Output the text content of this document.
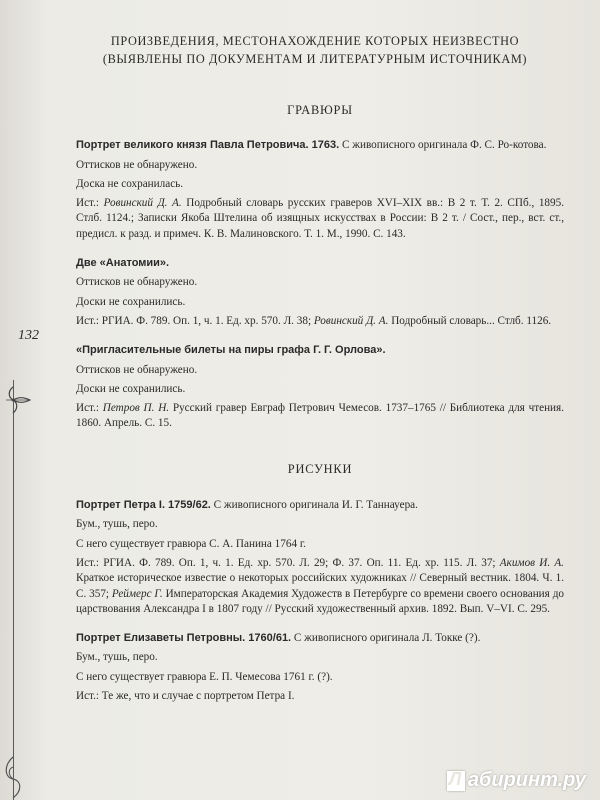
132
ПРОИЗВЕДЕНИЯ, МЕСТОНАХОЖДЕНИЕ КОТОРЫХ НЕИЗВЕСТНО
(ВЫЯВЛЕНЫ ПО ДОКУМЕНТАМ И ЛИТЕРАТУРНЫМ ИСТОЧНИКАМ)
ГРАВЮРЫ

Портрет великого князя Павла Петровича. 1763. С живописного оригинала Ф. С. Ро-котова.

Оттисков не обнаружено.

Доска не сохранилась.

Ист.: Ровинский Д. А. Подробный словарь русских граверов XVI–XIX вв.: В 2 т. Т. 2. СПб., 1895. Стлб. 1124.; Записки Якоба Штелина об изящных искусствах в России: В 2 т. / Сост., пер., вст. ст., предисл. к разд. и примеч. К. В. Малиновского. Т. 1. М., 1990. С. 143.

Две «Анатомии».

Оттисков не обнаружено.

Доски не сохранились.

Ист.: РГИА. Ф. 789. Оп. 1, ч. 1. Ед. хр. 570. Л. 38; Ровинский Д. А. Подробный словарь... Стлб. 1126.

«Пригласительные билеты на пиры графа Г. Г. Орлова».

Оттисков не обнаружено.

Доски не сохранились.

Ист.: Петров П. Н. Русский гравер Евграф Петрович Чемесов. 1737–1765 // Библиотека для чтения. 1860. Апрель. С. 15.

РИСУНКИ

Портрет Петра I. 1759/62. С живописного оригинала И. Г. Таннауера.

Бум., тушь, перо.

С него существует гравюра С. А. Панина 1764 г.

Ист.: РГИА. Ф. 789. Оп. 1, ч. 1. Ед. хр. 570. Л. 29; Ф. 37. Оп. 11. Ед. хр. 115. Л. 37; Акимов И. А. Краткое историческое известие о некоторых российских художниках // Северный вестник. 1804. Ч. 1. С. 357; Реймерс Г. Императорская Академия Художеств в Петербурге со времени своего основания до царствования Александра I в 1807 году // Русский художественный архив. 1892. Вып. V–VI. С. 295.

Портрет Елизаветы Петровны. 1760/61. С живописного оригинала Л. Токке (?).

Бум., тушь, перо.

С него существует гравюра Е. П. Чемесова 1761 г. (?).

Ист.: Те же, что и случае с портретом Петра I.

Л
абиринт.ру
